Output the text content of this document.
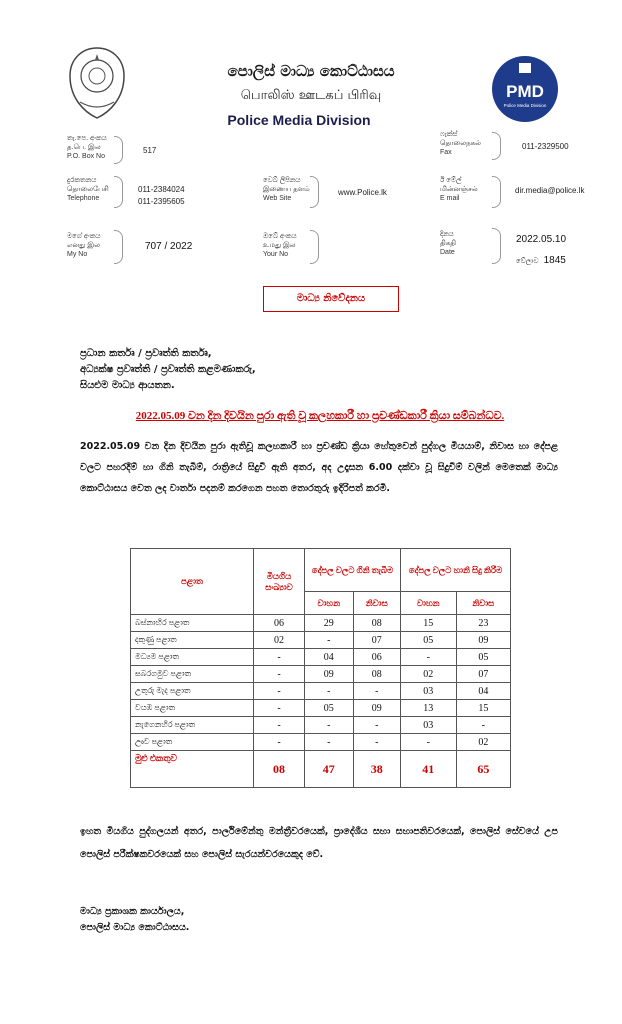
පොලිස් මාධ්‍ය කොට්ඨාසය
பொலிஸ் ஊடகப் பிரிவு
Police Media Division
PMD
Police Media Division
තැ.පෙ. අංකය
த.பெ. இல
P.O. Box No
517
ෆැක්ස්
தொலைநகல்
Fax
011-2329500
දුරකතනය
தொலைபேசி
Telephone
011-2384024
011-2395605
වෙබ් ලිපිනය
இணைய தளம்
Web Site
www.Police.lk
ඊ මේල්
மின்னஞ்சல்
E mail
dir.media@police.lk
මගේ අංකය
எனது இல
My No
707 / 2022
ඔබේ අංකය
உமது இல
Your No
දිනය
திகதி
Date
2022.05.10
වේලාව 1845
මාධ්‍ය නිවේදනය
ප්‍රධාන කර්තෘ / ප්‍රවෘත්ති කර්තෘ,
අධ්‍යක්ෂ ප්‍රවෘත්ති / ප්‍රවෘත්ති කළමණාකරු,
සියළුම මාධ්‍ය ආයතන.
2022.05.09 වන දින දිවයින පුරා ඇති වූ කලහකාරී හා ප්‍රචණ්ඩකාරී ක්‍රියා සම්බන්ධව.
2022.05.09 වන දින දිවයින පුරා ඇතිවූ කලහකාරී හා ප්‍රචණ්ඩ ක්‍රියා හේතුවෙන් පුද්ගල මියයාම්, නිවාස හා දේපළ වලට පහරදීම් හා ගිනි තැබීම්, රාත්‍රියේ සිදුවී ඇති අතර, අද උදෑසන 6.00 දක්වා වූ සිදුවීම් වලින් මෙතෙක් මාධ්‍ය කොට්ඨාසය වෙත ලද වාර්තා පදනම් කරගෙන පහත තොරතුරු ඉදිරිපත් කරමි.
පළාත	මියගිය සංඛ්‍යාව	දේපල වලට ගිනි තැබීම		දේපල වලට හානි සිදු කිරීම	
		වාහන	නිවාස	වාහන	නිවාස
බස්නාහිර පළාත	06	29	08	15	23
දකුණු පළාත	02	-	07	05	09
මධ්‍යම පළාත	-	04	06	-	05
සබරගමුව පළාත	-	09	08	02	07
උතුරු මැද පළාත	-	-	-	03	04
වයඹ පළාත	-	05	09	13	15
නැගෙනහිර පළාත	-	-	-	03	-
ඌව පළාත	-	-	-	-	02
මුළු එකතුව	08	47	38	41	65
ඉහත මියගිය පුද්ගලයන් අතර, පාර්ලිමේන්තු මන්ත්‍රීවරයෙක්, ප්‍රාදේශීය සභා සභාපතිවරයෙක්, පොලිස් සේවයේ උප පොලිස් පරීක්ෂකවරයෙක් සහ පොලිස් සැරයන්වරයෙකුද වේ.
මාධ්‍ය ප්‍රකාශක කාර්යාලය,
පොලිස් මාධ්‍ය කොට්ඨාසය.
